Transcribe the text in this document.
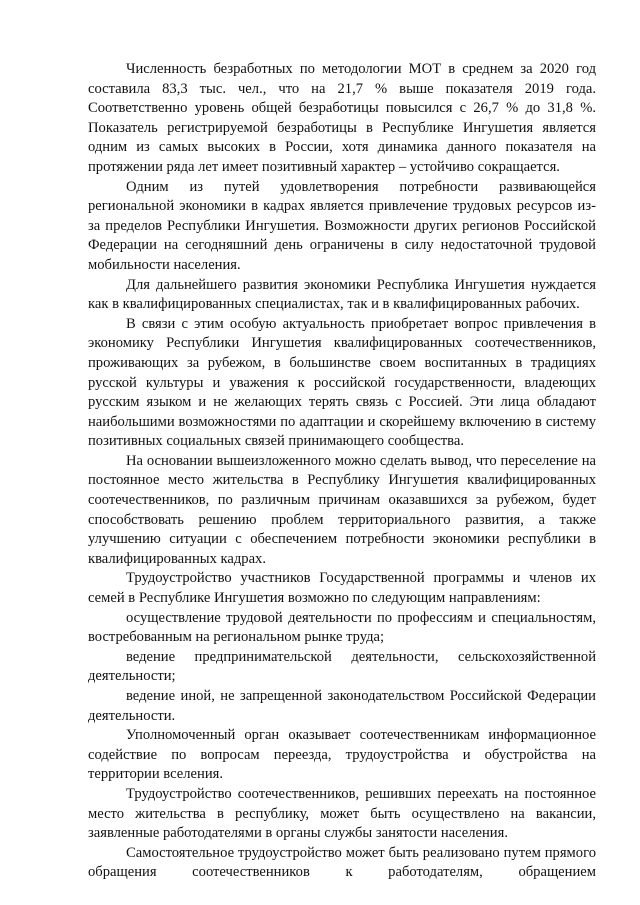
Численность безработных по методологии МОТ в среднем за 2020 год составила 83,3 тыс. чел., что на 21,7 % выше показателя 2019 года. Соответственно уровень общей безработицы повысился с 26,7 % до 31,8 %. Показатель регистрируемой безработицы в Республике Ингушетия является одним из самых высоких в России, хотя динамика данного показателя на протяжении ряда лет имеет позитивный характер – устойчиво сокращается.

Одним из путей удовлетворения потребности развивающейся региональной экономики в кадрах является привлечение трудовых ресурсов из-за пределов Республики Ингушетия. Возможности других регионов Российской Федерации на сегодняшний день ограничены в силу недостаточной трудовой мобильности населения.

Для дальнейшего развития экономики Республика Ингушетия нуждается как в квалифицированных специалистах, так и в квалифицированных рабочих.

В связи с этим особую актуальность приобретает вопрос привлечения в экономику Республики Ингушетия квалифицированных соотечественников, проживающих за рубежом, в большинстве своем воспитанных в традициях русской культуры и уважения к российской государственности, владеющих русским языком и не желающих терять связь с Россией. Эти лица обладают наибольшими возможностями по адаптации и скорейшему включению в систему позитивных социальных связей принимающего сообщества.

На основании вышеизложенного можно сделать вывод, что переселение на постоянное место жительства в Республику Ингушетия квалифицированных соотечественников, по различным причинам оказавшихся за рубежом, будет способствовать решению проблем территориального развития, а также улучшению ситуации с обеспечением потребности экономики республики в квалифицированных кадрах.

Трудоустройство участников Государственной программы и членов их семей в Республике Ингушетия возможно по следующим направлениям:

осуществление трудовой деятельности по профессиям и специальностям, востребованным на региональном рынке труда;

ведение предпринимательской деятельности, сельскохозяйственной деятельности;

ведение иной, не запрещенной законодательством Российской Федерации деятельности.

Уполномоченный орган оказывает соотечественникам информационное содействие по вопросам переезда, трудоустройства и обустройства на территории вселения.

Трудоустройство соотечественников, решивших переехать на постоянное место жительства в республику, может быть осуществлено на вакансии, заявленные работодателями в органы службы занятости населения.

Самостоятельное трудоустройство может быть реализовано путем прямого обращения соотечественников к работодателям, обращением
